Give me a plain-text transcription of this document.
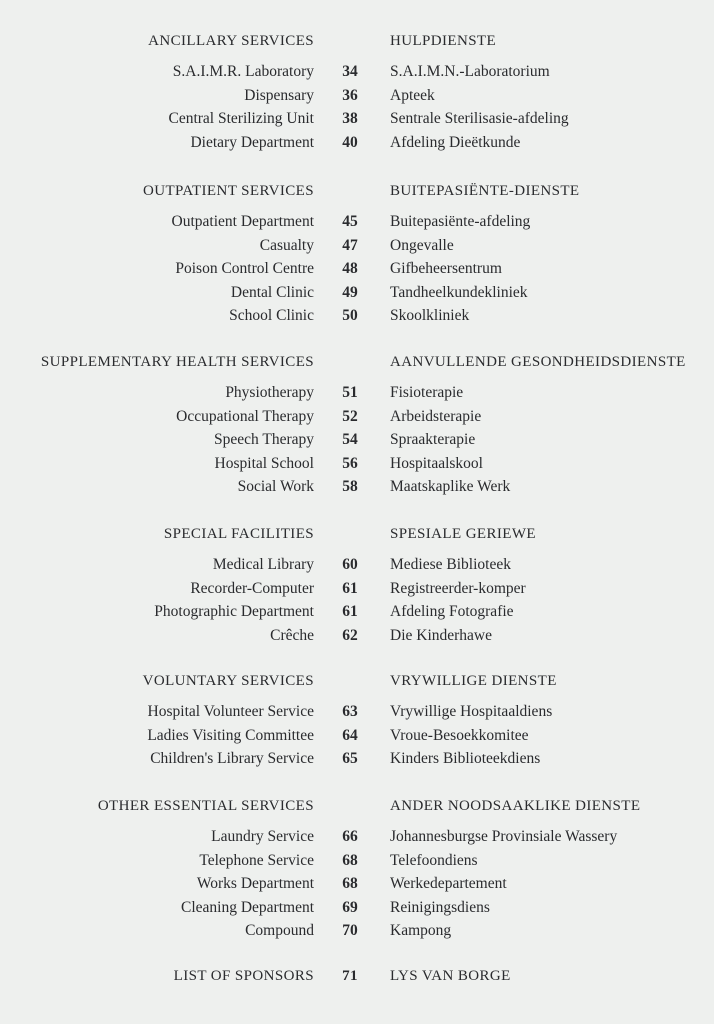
ANCILLARY SERVICES	HULPDIENSTE
S.A.I.M.R. Laboratory	34	S.A.I.M.N.-Laboratorium
Dispensary	36	Apteek
Central Sterilizing Unit	38	Sentrale Sterilisasie-afdeling
Dietary Department	40	Afdeling Dieëtkunde
OUTPATIENT SERVICES	BUITEPASIËNTE-DIENSTE
Outpatient Department	45	Buitepasiënte-afdeling
Casualty	47	Ongevalle
Poison Control Centre	48	Gifbeheersentrum
Dental Clinic	49	Tandheelkundekliniek
School Clinic	50	Skoolkliniek
SUPPLEMENTARY HEALTH SERVICES	AANVULLENDE GESONDHEIDSDIENSTE
Physiotherapy	51	Fisioterapie
Occupational Therapy	52	Arbeidsterapie
Speech Therapy	54	Spraakterapie
Hospital School	56	Hospitaalskool
Social Work	58	Maatskaplike Werk
SPECIAL FACILITIES	SPESIALE GERIEWE
Medical Library	60	Mediese Biblioteek
Recorder-Computer	61	Registreerder-komper
Photographic Department	61	Afdeling Fotografie
Crêche	62	Die Kinderhawe
VOLUNTARY SERVICES	VRYWILLIGE DIENSTE
Hospital Volunteer Service	63	Vrywillige Hospitaaldiens
Ladies Visiting Committee	64	Vroue-Besoekkomitee
Children's Library Service	65	Kinders Biblioteekdiens
OTHER ESSENTIAL SERVICES	ANDER NOODSAAKLIKE DIENSTE
Laundry Service	66	Johannesburgse Provinsiale Wassery
Telephone Service	68	Telefoondiens
Works Department	68	Werkedepartement
Cleaning Department	69	Reinigingsdiens
Compound	70	Kampong
LIST OF SPONSORS	71	LYS VAN BORGE
